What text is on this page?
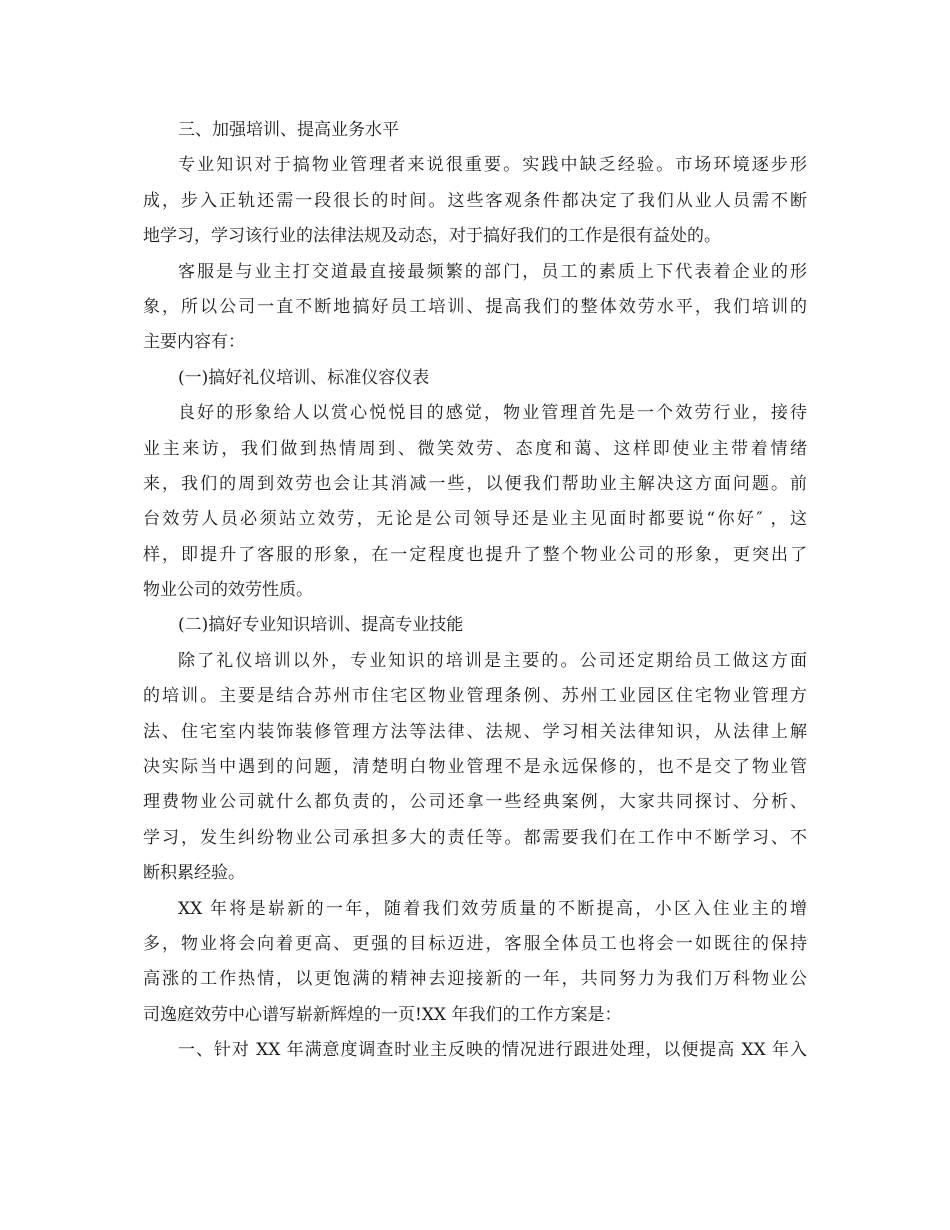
三、加强培训、提高业务水平
专业知识对于搞物业管理者来说很重要。实践中缺乏经验。市场环境逐步形
成，步入正轨还需一段很长的时间。这些客观条件都决定了我们从业人员需不断
地学习，学习该行业的法律法规及动态，对于搞好我们的工作是很有益处的。
客服是与业主打交道最直接最频繁的部门，员工的素质上下代表着企业的形
象，所以公司一直不断地搞好员工培训、提高我们的整体效劳水平，我们培训的
主要内容有：
(一)搞好礼仪培训、标准仪容仪表
良好的形象给人以赏心悦悦目的感觉，物业管理首先是一个效劳行业，接待
业主来访，我们做到热情周到、微笑效劳、态度和蔼、这样即使业主带着情绪
来，我们的周到效劳也会让其消减一些，以便我们帮助业主解决这方面问题。前
台效劳人员必须站立效劳，无论是公司领导还是业主见面时都要说“你好″ ，这
样，即提升了客服的形象，在一定程度也提升了整个物业公司的形象，更突出了
物业公司的效劳性质。
(二)搞好专业知识培训、提高专业技能
除了礼仪培训以外，专业知识的培训是主要的。公司还定期给员工做这方面
的培训。主要是结合苏州市住宅区物业管理条例、苏州工业园区住宅物业管理方
法、住宅室内装饰装修管理方法等法律、法规、学习相关法律知识，从法律上解
决实际当中遇到的问题，清楚明白物业管理不是永远保修的，也不是交了物业管
理费物业公司就什么都负责的，公司还拿一些经典案例，大家共同探讨、分析、
学习，发生纠纷物业公司承担多大的责任等。都需要我们在工作中不断学习、不
断积累经验。
XX 年将是崭新的一年，随着我们效劳质量的不断提高，小区入住业主的增
多，物业将会向着更高、更强的目标迈进，客服全体员工也将会一如既往的保持
高涨的工作热情，以更饱满的精神去迎接新的一年，共同努力为我们万科物业公
司逸庭效劳中心谱写崭新辉煌的一页!XX 年我们的工作方案是：
一、针对 XX 年满意度调查时业主反映的情况进行跟进处理，以便提高 XX 年入
